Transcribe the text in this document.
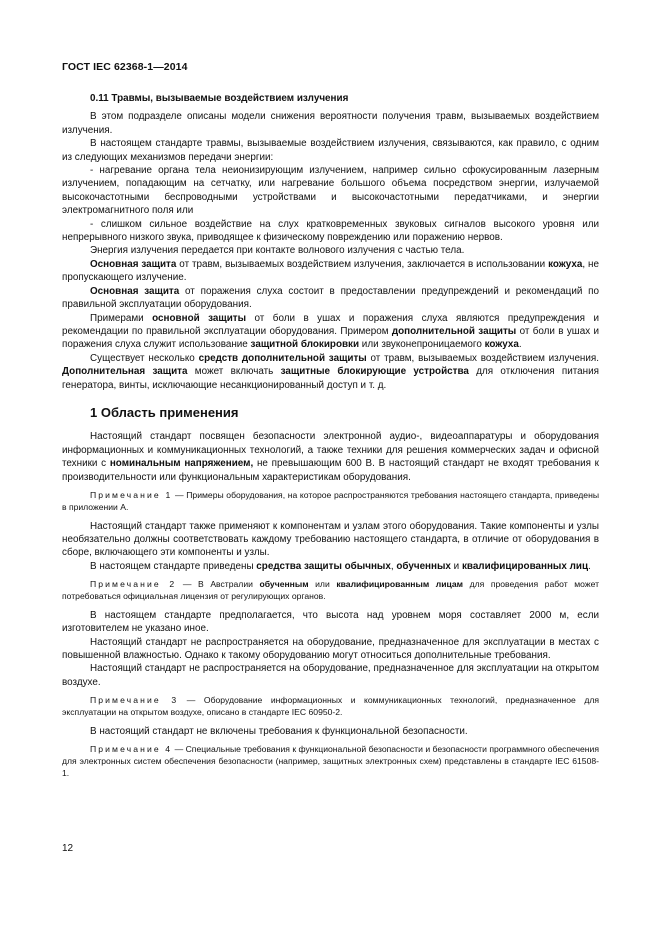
ГОСТ IEC 62368-1—2014

0.11 Травмы, вызываемые воздействием излучения

В этом подразделе описаны модели снижения вероятности получения травм, вызываемых воздействием излучения.

В настоящем стандарте травмы, вызываемые воздействием излучения, связываются, как правило, с одним из следующих механизмов передачи энергии:

- нагревание органа тела неионизирующим излучением, например сильно сфокусированным лазерным излучением, попадающим на сетчатку, или нагревание большого объема посредством энергии, излучаемой высокочастотными беспроводными устройствами и высокочастотными передатчиками, и энергии электромагнитного поля или

- слишком сильное воздействие на слух кратковременных звуковых сигналов высокого уровня или непрерывного низкого звука, приводящее к физическому повреждению или поражению нервов.

Энергия излучения передается при контакте волнового излучения с частью тела.

Основная защита от травм, вызываемых воздействием излучения, заключается в использовании кожуха, не пропускающего излучение.

Основная защита от поражения слуха состоит в предоставлении предупреждений и рекомендаций по правильной эксплуатации оборудования.

Примерами основной защиты от боли в ушах и поражения слуха являются предупреждения и рекомендации по правильной эксплуатации оборудования. Примером дополнительной защиты от боли в ушах и поражения слуха служит использование защитной блокировки или звуконепроницаемого кожуха.

Существует несколько средств дополнительной защиты от травм, вызываемых воздействием излучения. Дополнительная защита может включать защитные блокирующие устройства для отключения питания генератора, винты, исключающие несанкционированный доступ и т. д.

1 Область применения

Настоящий стандарт посвящен безопасности электронной аудио-, видеоаппаратуры и оборудования информационных и коммуникационных технологий, а также техники для решения коммерческих задач и офисной техники с номинальным напряжением, не превышающим 600 В. В настоящий стандарт не входят требования к производительности или функциональным характеристикам оборудования.

Примечание 1 — Примеры оборудования, на которое распространяются требования настоящего стандарта, приведены в приложении А.

Настоящий стандарт также применяют к компонентам и узлам этого оборудования. Такие компоненты и узлы необязательно должны соответствовать каждому требованию настоящего стандарта, в отличие от оборудования в сборе, включающего эти компоненты и узлы.

В настоящем стандарте приведены средства защиты обычных, обученных и квалифицированных лиц.

Примечание 2 — В Австралии обученным или квалифицированным лицам для проведения работ может потребоваться официальная лицензия от регулирующих органов.

В настоящем стандарте предполагается, что высота над уровнем моря составляет 2000 м, если изготовителем не указано иное.

Настоящий стандарт не распространяется на оборудование, предназначенное для эксплуатации в местах с повышенной влажностью. Однако к такому оборудованию могут относиться дополнительные требования.

Настоящий стандарт не распространяется на оборудование, предназначенное для эксплуатации на открытом воздухе.

Примечание 3 — Оборудование информационных и коммуникационных технологий, предназначенное для эксплуатации на открытом воздухе, описано в стандарте IEC 60950-2.

В настоящий стандарт не включены требования к функциональной безопасности.

Примечание 4 — Специальные требования к функциональной безопасности и безопасности программного обеспечения для электронных систем обеспечения безопасности (например, защитных электронных схем) представлены в стандарте IEC 61508-1.

12
